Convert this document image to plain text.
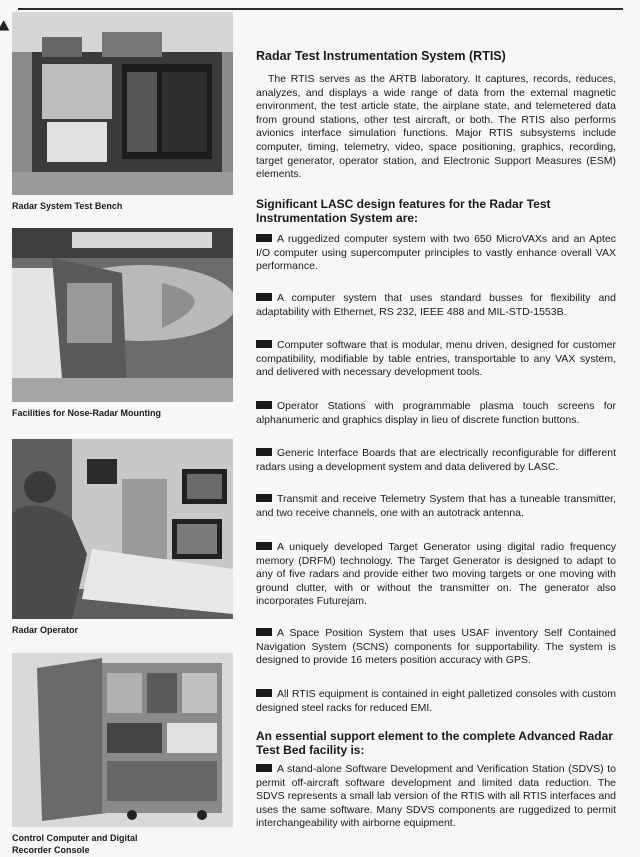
Radar System Test Bench
Facilities for Nose-Radar Mounting
Radar Operator
Control Computer and Digital Recorder Console
Radar Test Instrumentation System (RTIS)

The RTIS serves as the ARTB laboratory. It captures, records, reduces, analyzes, and displays a wide range of data from the external magnetic environment, the test article state, the airplane state, and telemetered data from ground stations, other test aircraft, or both. The RTIS also performs avionics interface simulation functions. Major RTIS subsystems include computer, timing, telemetry, video, space positioning, graphics, recording, target generator, operator station, and Electronic Support Measures (ESM) elements.

Significant LASC design features for the Radar Test Instrumentation System are:

A ruggedized computer system with two 650 MicroVAXs and an Aptec I/O computer using supercomputer principles to vastly enhance overall VAX performance.

A computer system that uses standard busses for flexibility and adaptability with Ethernet, RS 232, IEEE 488 and MIL-STD-1553B.

Computer software that is modular, menu driven, designed for customer compatibility, modifiable by table entries, transportable to any VAX system, and delivered with necessary development tools.

Operator Stations with programmable plasma touch screens for alphanumeric and graphics display in lieu of discrete function buttons.

Generic Interface Boards that are electrically reconfigurable for different radars using a development system and data delivered by LASC.

Transmit and receive Telemetry System that has a tuneable transmitter, and two receive channels, one with an autotrack antenna.

A uniquely developed Target Generator using digital radio frequency memory (DRFM) technology. The Target Generator is designed to adapt to any of five radars and provide either two moving targets or one moving with ground clutter, with or without the transmitter on. The generator also incorporates Futurejam.

A Space Position System that uses USAF inventory Self Contained Navigation System (SCNS) components for supportability. The system is designed to provide 16 meters position accuracy with GPS.

All RTIS equipment is contained in eight palletized consoles with custom designed steel racks for reduced EMI.

An essential support element to the complete Advanced Radar Test Bed facility is:

A stand-alone Software Development and Verification Station (SDVS) to permit off-aircraft software development and limited data reduction. The SDVS represents a small lab version of the RTIS with all RTIS interfaces and uses the same software. Many SDVS components are ruggedized to permit interchangeability with airborne equipment.
